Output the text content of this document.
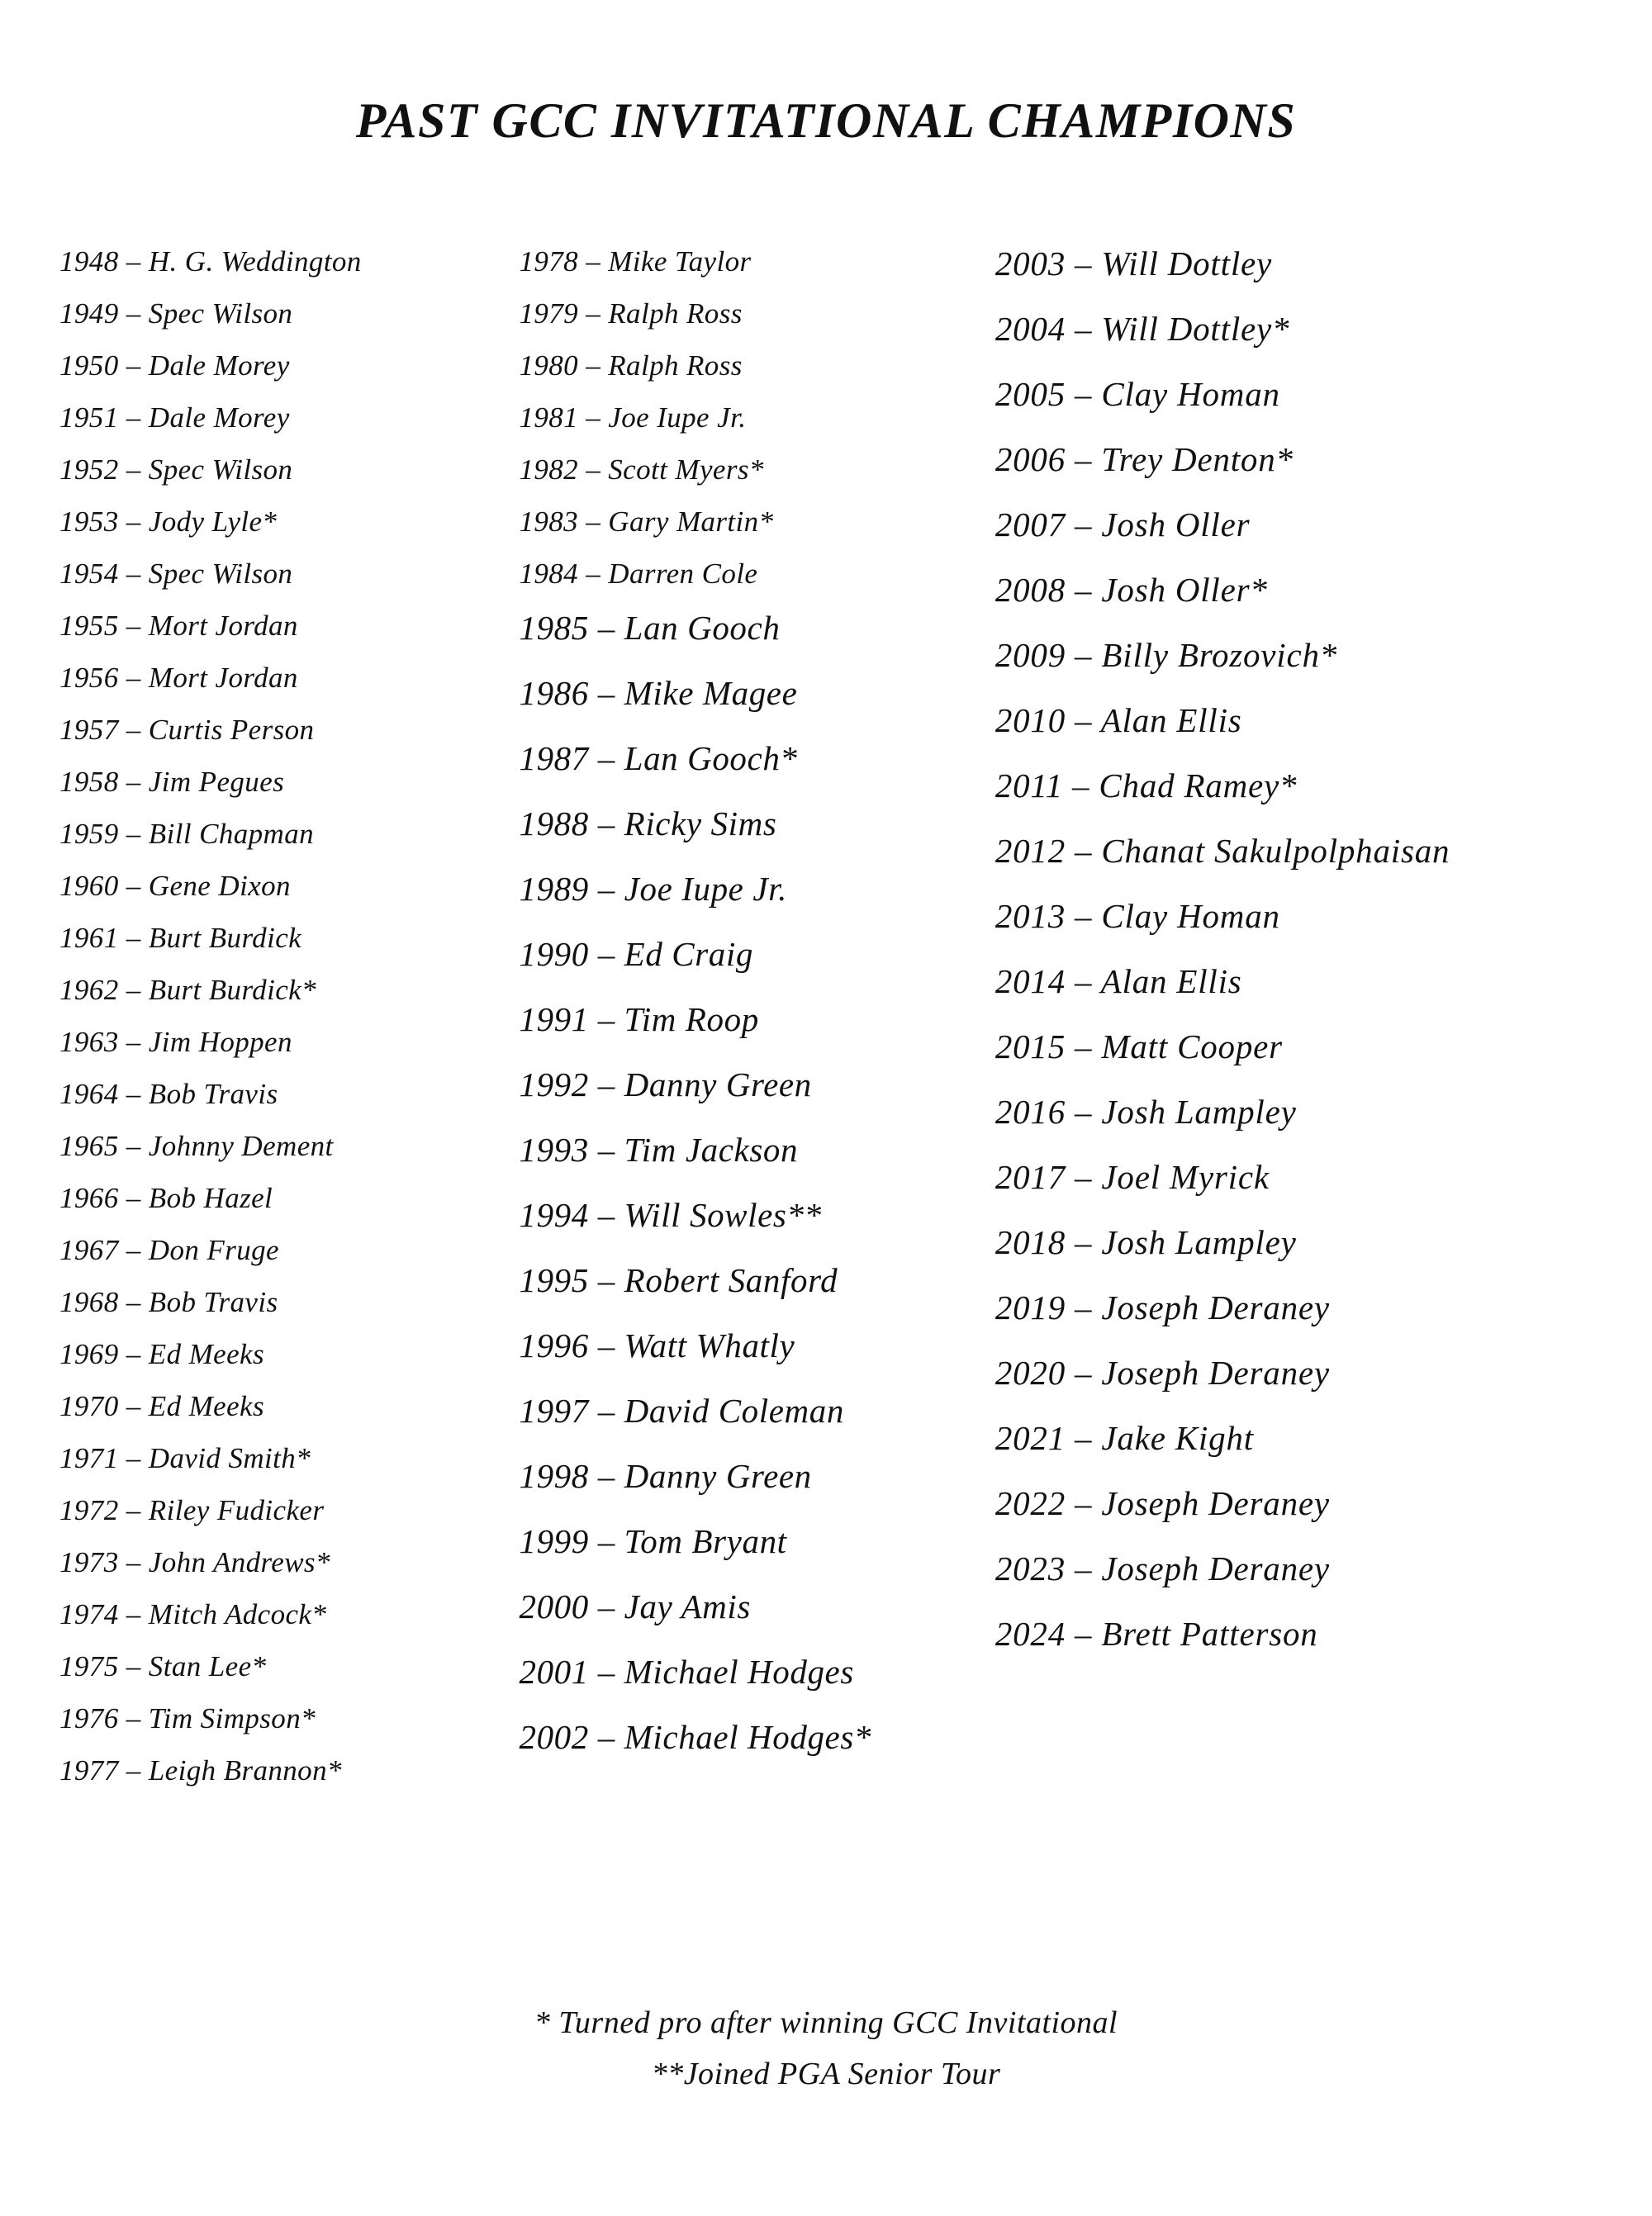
PAST GCC INVITATIONAL CHAMPIONS
1948 – H. G. Weddington
1949 – Spec Wilson
1950 – Dale Morey
1951 – Dale Morey
1952 – Spec Wilson
1953 – Jody Lyle*
1954 – Spec Wilson
1955 – Mort Jordan
1956 – Mort Jordan
1957 – Curtis Person
1958 – Jim Pegues
1959 – Bill Chapman
1960 – Gene Dixon
1961 – Burt Burdick
1962 – Burt Burdick*
1963 – Jim Hoppen
1964 – Bob Travis
1965 – Johnny Dement
1966 – Bob Hazel
1967 – Don Fruge
1968 – Bob Travis
1969 – Ed Meeks
1970 – Ed Meeks
1971 – David Smith*
1972 – Riley Fudicker
1973 – John Andrews*
1974 – Mitch Adcock*
1975 – Stan Lee*
1976 – Tim Simpson*
1977 – Leigh Brannon*
1978 – Mike Taylor
1979 – Ralph Ross
1980 – Ralph Ross
1981 – Joe Iupe Jr.
1982 – Scott Myers*
1983 – Gary Martin*
1984 – Darren Cole
1985 – Lan Gooch
1986 – Mike Magee
1987 – Lan Gooch*
1988 – Ricky Sims
1989 – Joe Iupe Jr.
1990 – Ed Craig
1991 – Tim Roop
1992 – Danny Green
1993 – Tim Jackson
1994 – Will Sowles**
1995 – Robert Sanford
1996 – Watt Whatly
1997 – David Coleman
1998 – Danny Green
1999 – Tom Bryant
2000 – Jay Amis
2001 – Michael Hodges
2002 – Michael Hodges*
2003 – Will Dottley
2004 – Will Dottley*
2005 – Clay Homan
2006 – Trey Denton*
2007 – Josh Oller
2008 – Josh Oller*
2009 – Billy Brozovich*
2010 – Alan Ellis
2011 – Chad Ramey*
2012 – Chanat Sakulpolphaisan
2013 – Clay Homan
2014 – Alan Ellis
2015 – Matt Cooper
2016 – Josh Lampley
2017 – Joel Myrick
2018 – Josh Lampley
2019 – Joseph Deraney
2020 – Joseph Deraney
2021 – Jake Kight
2022 – Joseph Deraney
2023 – Joseph Deraney
2024 – Brett Patterson

* Turned pro after winning GCC Invitational

**Joined PGA Senior Tour
